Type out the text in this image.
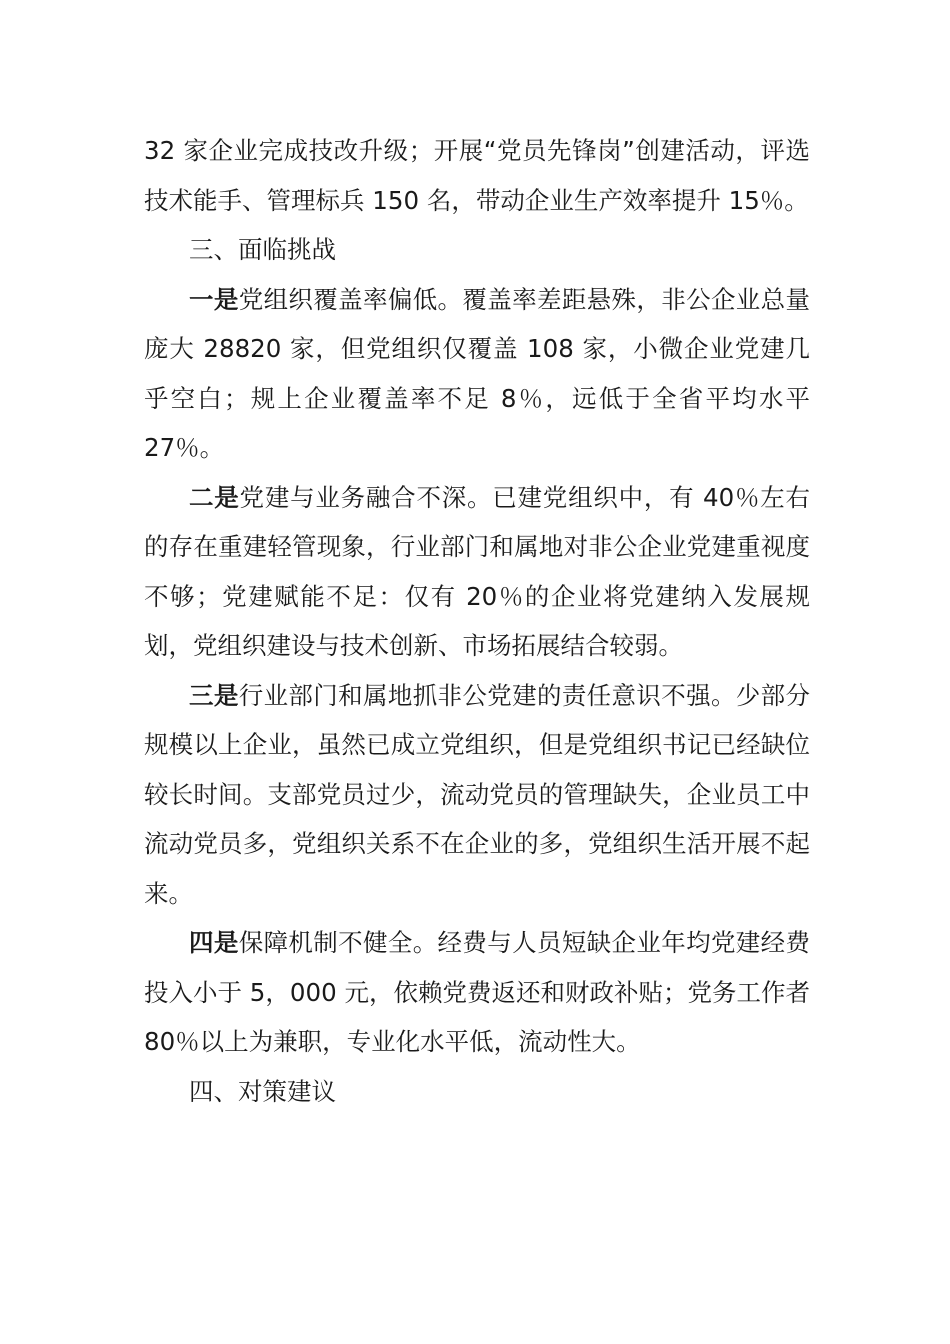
32 家企业完成技改升级；开展“党员先锋岗”创建活动，评选技术能手、管理标兵 150 名，带动企业生产效率提升 15％。

三、面临挑战

一是党组织覆盖率偏低。覆盖率差距悬殊，非公企业总量庞大 28820 家，但党组织仅覆盖 108 家，小微企业党建几乎空白；规上企业覆盖率不足 8％，远低于全省平均水平 27％。

二是党建与业务融合不深。已建党组织中，有 40％左右的存在重建轻管现象，行业部门和属地对非公企业党建重视度不够；党建赋能不足：仅有 20％的企业将党建纳入发展规划，党组织建设与技术创新、市场拓展结合较弱。

三是行业部门和属地抓非公党建的责任意识不强。少部分规模以上企业，虽然已成立党组织，但是党组织书记已经缺位较长时间。支部党员过少，流动党员的管理缺失，企业员工中流动党员多，党组织关系不在企业的多，党组织生活开展不起来。

四是保障机制不健全。经费与人员短缺企业年均党建经费投入小于 5，000 元，依赖党费返还和财政补贴；党务工作者 80％以上为兼职，专业化水平低，流动性大。

四、对策建议
